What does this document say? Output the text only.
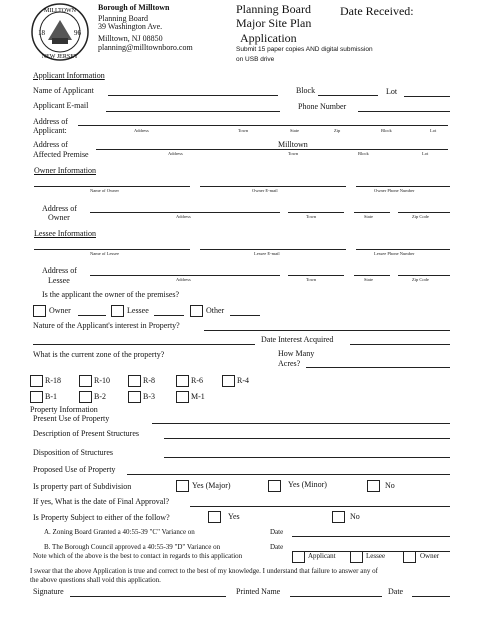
MILLTOWN
NEW JERSEY
18	96
Borough of Milltown
Planning Board
39 Washington Ave.
Milltown, NJ 08850
planning@milltownboro.com
Planning Board
Major Site Plan
Application
Date Received:
Submit 15 paper copies AND digital submission
on USB drive
Applicant Information
Name of Applicant	Block	Lot
Applicant E-mail	Phone Number
Address of
Applicant:	Address	Town	State	Zip	Block	Lot
Address of
Affected Premise
Milltown
Address	Town	Block	Lot
Owner Information
Name of Owner	Owner E-mail	Owner Phone Number
Address of
Owner	Address	Town	State	Zip Code
Lessee Information
Name of Lessee	Lessee E-mail	Lessee Phone Number
Address of
Lessee	Address	Town	State	Zip Code
Is the applicant the owner of the premises?
Owner	Lessee	Other
Nature of the Applicant's interest in Property?
Date Interest Acquired
What is the current zone of the property?	How Many
Acres?
R-18	R-10	R-8	R-6	R-4
B-1	B-2	B-3	M-1
Property Information
Present Use of Property
Description of Present Structures
Disposition of Structures
Proposed Use of Property
Is property part of Subdivision	Yes (Major)	Yes (Minor)	No
If yes, What is the date of Final Approval?
Is Property Subject to either of the follow?	Yes	No
A. Zoning Board Granted a 40:55-39 "C" Variance on	Date
B. The Borough Council approved a 40:55-39 "D" Variance on	Date
Note which of the above is the best to contact in regards to this application	Applicant	Lessee	Owner
I swear that the above Application is true and correct to the best of my knowledge. I understand that failure to answer any of
the above questions shall void this application.
Signature	Printed Name	Date
